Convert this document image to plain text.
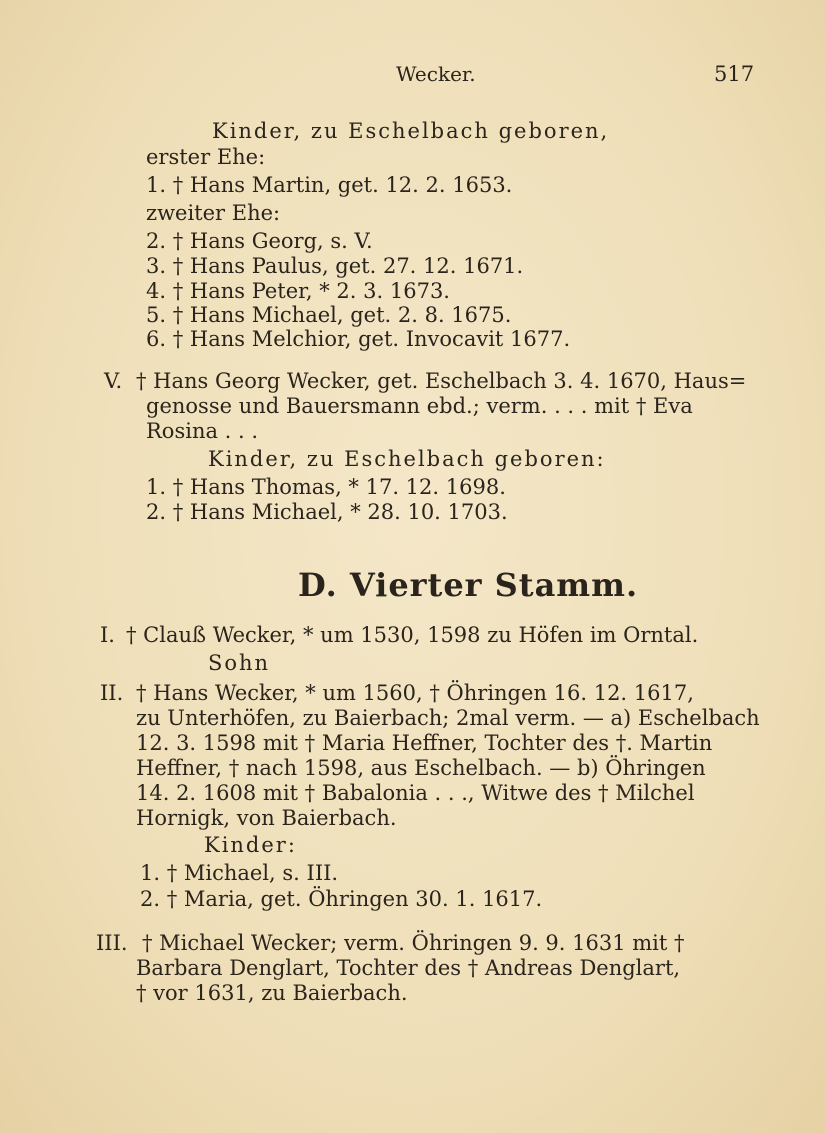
Wecker.	517
Kinder, zu Eschelbach geboren,
erster Ehe:
1. † Hans Martin, get. 12. 2. 1653.
zweiter Ehe:
2. † Hans Georg, s. V.
3. † Hans Paulus, get. 27. 12. 1671.
4. † Hans Peter, * 2. 3. 1673.
5. † Hans Michael, get. 2. 8. 1675.
6. † Hans Melchior, get. Invocavit 1677.
V. † Hans Georg Wecker, get. Eschelbach 3. 4. 1670, Haus=
genosse und Bauersmann ebd.; verm. . . . mit † Eva
Rosina . . .
Kinder, zu Eschelbach geboren:
1. † Hans Thomas, * 17. 12. 1698.
2. † Hans Michael, * 28. 10. 1703.
D. Vierter Stamm.
I. † Clauß Wecker, * um 1530, 1598 zu Höfen im Orntal.
Sohn
II. † Hans Wecker, * um 1560, † Öhringen 16. 12. 1617,
zu Unterhöfen, zu Baierbach; 2mal verm. — a) Eschelbach
12. 3. 1598 mit † Maria Heffner, Tochter des †. Martin
Heffner, † nach 1598, aus Eschelbach. — b) Öhringen
14. 2. 1608 mit † Babalonia . . ., Witwe des † Milchel
Hornigk, von Baierbach.
Kinder:
1. † Michael, s. III.
2. † Maria, get. Öhringen 30. 1. 1617.
III. † Michael Wecker; verm. Öhringen 9. 9. 1631 mit †
Barbara Denglart, Tochter des † Andreas Denglart,
† vor 1631, zu Baierbach.
